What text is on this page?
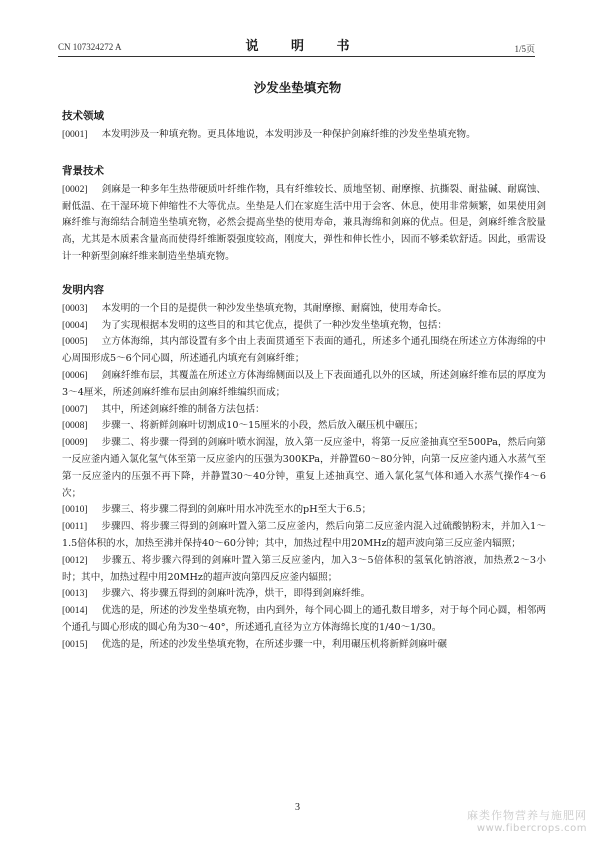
CN 107324272 A	说 明 书	1/5页
沙发坐垫填充物
技术领域

[0001] 本发明涉及一种填充物。更具体地说，本发明涉及一种保护剑麻纤维的沙发坐垫填充物。

背景技术

[0002] 剑麻是一种多年生热带硬质叶纤维作物，具有纤维较长、质地坚韧、耐摩擦、抗撕裂、耐盐碱、耐腐蚀、耐低温、在干湿环境下伸缩性不大等优点。坐垫是人们在家庭生活中用于会客、休息，使用非常频繁，如果使用剑麻纤维与海绵结合制造坐垫填充物，必然会提高坐垫的使用寿命，兼具海绵和剑麻的优点。但是，剑麻纤维含胶量高，尤其是木质素含量高而使得纤维断裂强度较高，刚度大，弹性和伸长性小，因而不够柔软舒适。因此，亟需设计一种新型剑麻纤维来制造坐垫填充物。

发明内容

[0003] 本发明的一个目的是提供一种沙发坐垫填充物，其耐摩擦、耐腐蚀，使用寿命长。

[0004] 为了实现根据本发明的这些目的和其它优点，提供了一种沙发坐垫填充物，包括：

[0005] 立方体海绵，其内部设置有多个由上表面贯通至下表面的通孔，所述多个通孔围绕在所述立方体海绵的中心周围形成5～6个同心圆，所述通孔内填充有剑麻纤维；

[0006] 剑麻纤维布层，其覆盖在所述立方体海绵侧面以及上下表面通孔以外的区域，所述剑麻纤维布层的厚度为3～4厘米，所述剑麻纤维布层由剑麻纤维编织而成；

[0007] 其中，所述剑麻纤维的制备方法包括：

[0008] 步骤一、将新鲜剑麻叶切割成10～15厘米的小段，然后放入碾压机中碾压；

[0009] 步骤二、将步骤一得到的剑麻叶喷水润湿，放入第一反应釜中，将第一反应釜抽真空至500Pa，然后向第一反应釜内通入氯化氢气体至第一反应釜内的压强为300KPa，并静置60～80分钟，向第一反应釜内通入水蒸气至第一反应釜内的压强不再下降，并静置30～40分钟，重复上述抽真空、通入氯化氢气体和通入水蒸气操作4～6次；

[0010] 步骤三、将步骤二得到的剑麻叶用水冲洗至水的pH至大于6.5；

[0011] 步骤四、将步骤三得到的剑麻叶置入第二反应釜内，然后向第二反应釜内混入过硫酸钠粉末，并加入1～1.5倍体积的水，加热至沸并保持40～60分钟；其中，加热过程中用20MHz的超声波向第三反应釜内辐照；

[0012] 步骤五、将步骤六得到的剑麻叶置入第三反应釜内，加入3～5倍体积的氢氧化钠溶液，加热煮2～3小时；其中，加热过程中用20MHz的超声波向第四反应釜内辐照；

[0013] 步骤六、将步骤五得到的剑麻叶洗净，烘干，即得到剑麻纤维。

[0014] 优选的是，所述的沙发坐垫填充物，由内到外，每个同心圆上的通孔数目增多，对于每个同心圆，相邻两个通孔与圆心形成的圆心角为30～40°，所述通孔直径为立方体海绵长度的1/40～1/30。

[0015] 优选的是，所述的沙发坐垫填充物，在所述步骤一中，利用碾压机将新鲜剑麻叶碾

3
麻类作物营养与施肥网
www.fibercrops.com
